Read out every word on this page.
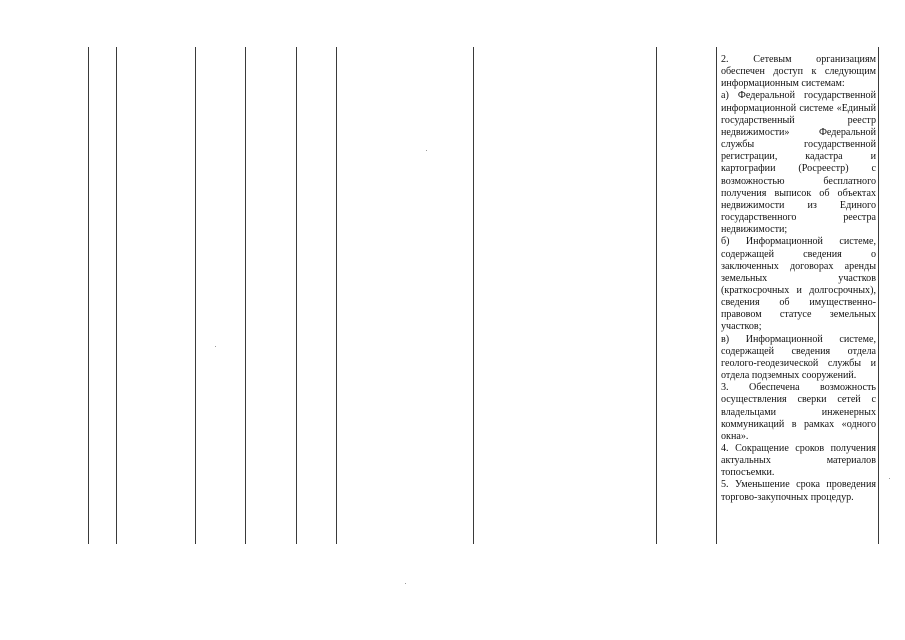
2. Сетевым организациям обеспечен доступ к следующим информационным системам:

а) Федеральной государственной информационной системе «Единый государственный реестр недвижимости» Федеральной службы государственной регистрации, кадастра и картографии (Росреестр) с возможностью бесплатного получения выписок об объектах недвижимости из Единого государственного реестра недвижимости;

б) Информационной системе, содержащей сведения о заключенных договорах аренды земельных участков (краткосрочных и долгосрочных), сведения об имущественно-правовом статусе земельных участков;

в) Информационной системе, содержащей сведения отдела геолого-геодезической службы и отдела подземных сооружений.

3. Обеспечена возможность осуществления сверки сетей с владельцами инженерных коммуникаций в рамках «одного окна».

4. Сокращение сроков получения актуальных материалов топосъемки.

5. Уменьшение срока проведения торгово-закупочных процедур.
